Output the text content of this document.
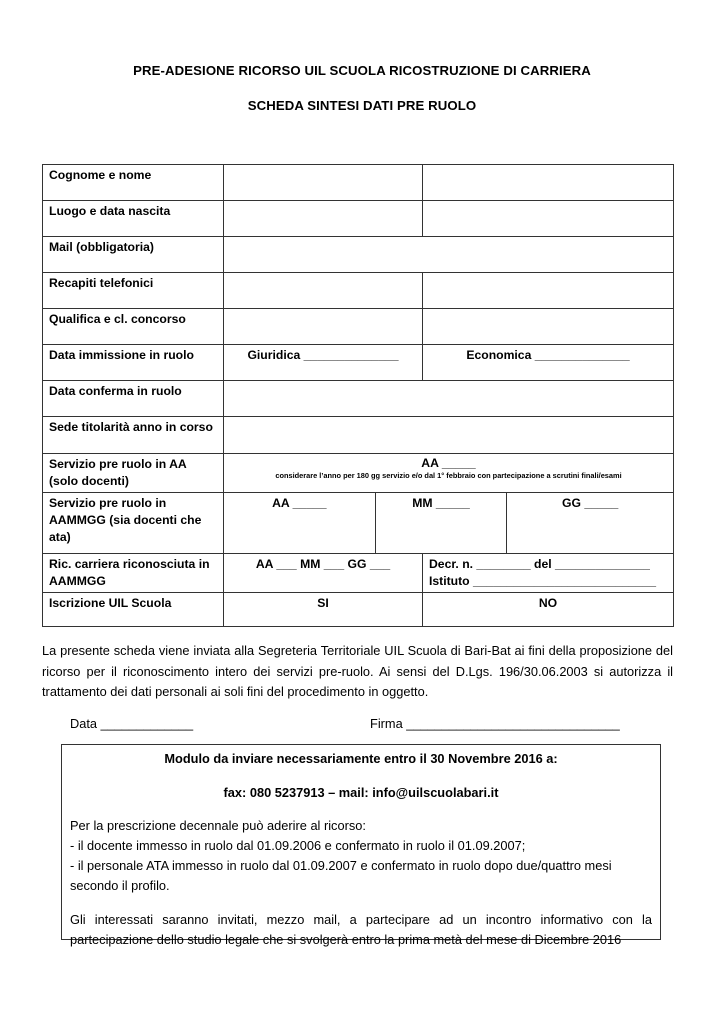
PRE-ADESIONE RICORSO UIL SCUOLA RICOSTRUZIONE DI CARRIERA
SCHEDA SINTESI DATI PRE RUOLO
Cognome e nome		
Luogo e data nascita		
Mail (obbligatoria)		
Recapiti telefonici		
Qualifica e cl. concorso		
Data immissione in ruolo	Giuridica ______________	Economica ______________
Data conferma in ruolo		
Sede titolarità anno in corso		
Servizio pre ruolo in AA (solo docenti)	AA _____
considerare l’anno per 180 gg servizio e/o dal 1° febbraio con partecipazione a scrutini finali/esami	

Servizio pre ruolo in AAMMGG (sia docenti che ata)	AA _____ MM _____ GG _____	

Ric. carriera riconosciuta in AAMMGG	AA ___ MM ___ GG ___	Decr. n. ________ del ______________
Istituto ___________________________

Iscrizione UIL Scuola	SI	NO

La presente scheda viene inviata alla Segreteria Territoriale UIL Scuola di Bari-Bat ai fini della proposizione del ricorso per il riconoscimento intero dei servizi pre-ruolo. Ai sensi del D.Lgs. 196/30.06.2003 si autorizza il trattamento dei dati personali ai soli fini del procedimento in oggetto.

Data _____________	Firma ______________________________

Modulo da inviare necessariamente entro il 30 Novembre 2016 a:

fax: 080 5237913 – mail: info@uilscuolabari.it

Per la prescrizione decennale può aderire al ricorso:

- il docente immesso in ruolo dal 01.09.2006 e confermato in ruolo il 01.09.2007;

- il personale ATA immesso in ruolo dal 01.09.2007 e confermato in ruolo dopo due/quattro mesi secondo il profilo.

Gli interessati saranno invitati, mezzo mail, a partecipare ad un incontro informativo con la partecipazione dello studio legale che si svolgerà entro la prima metà del mese di Dicembre 2016
